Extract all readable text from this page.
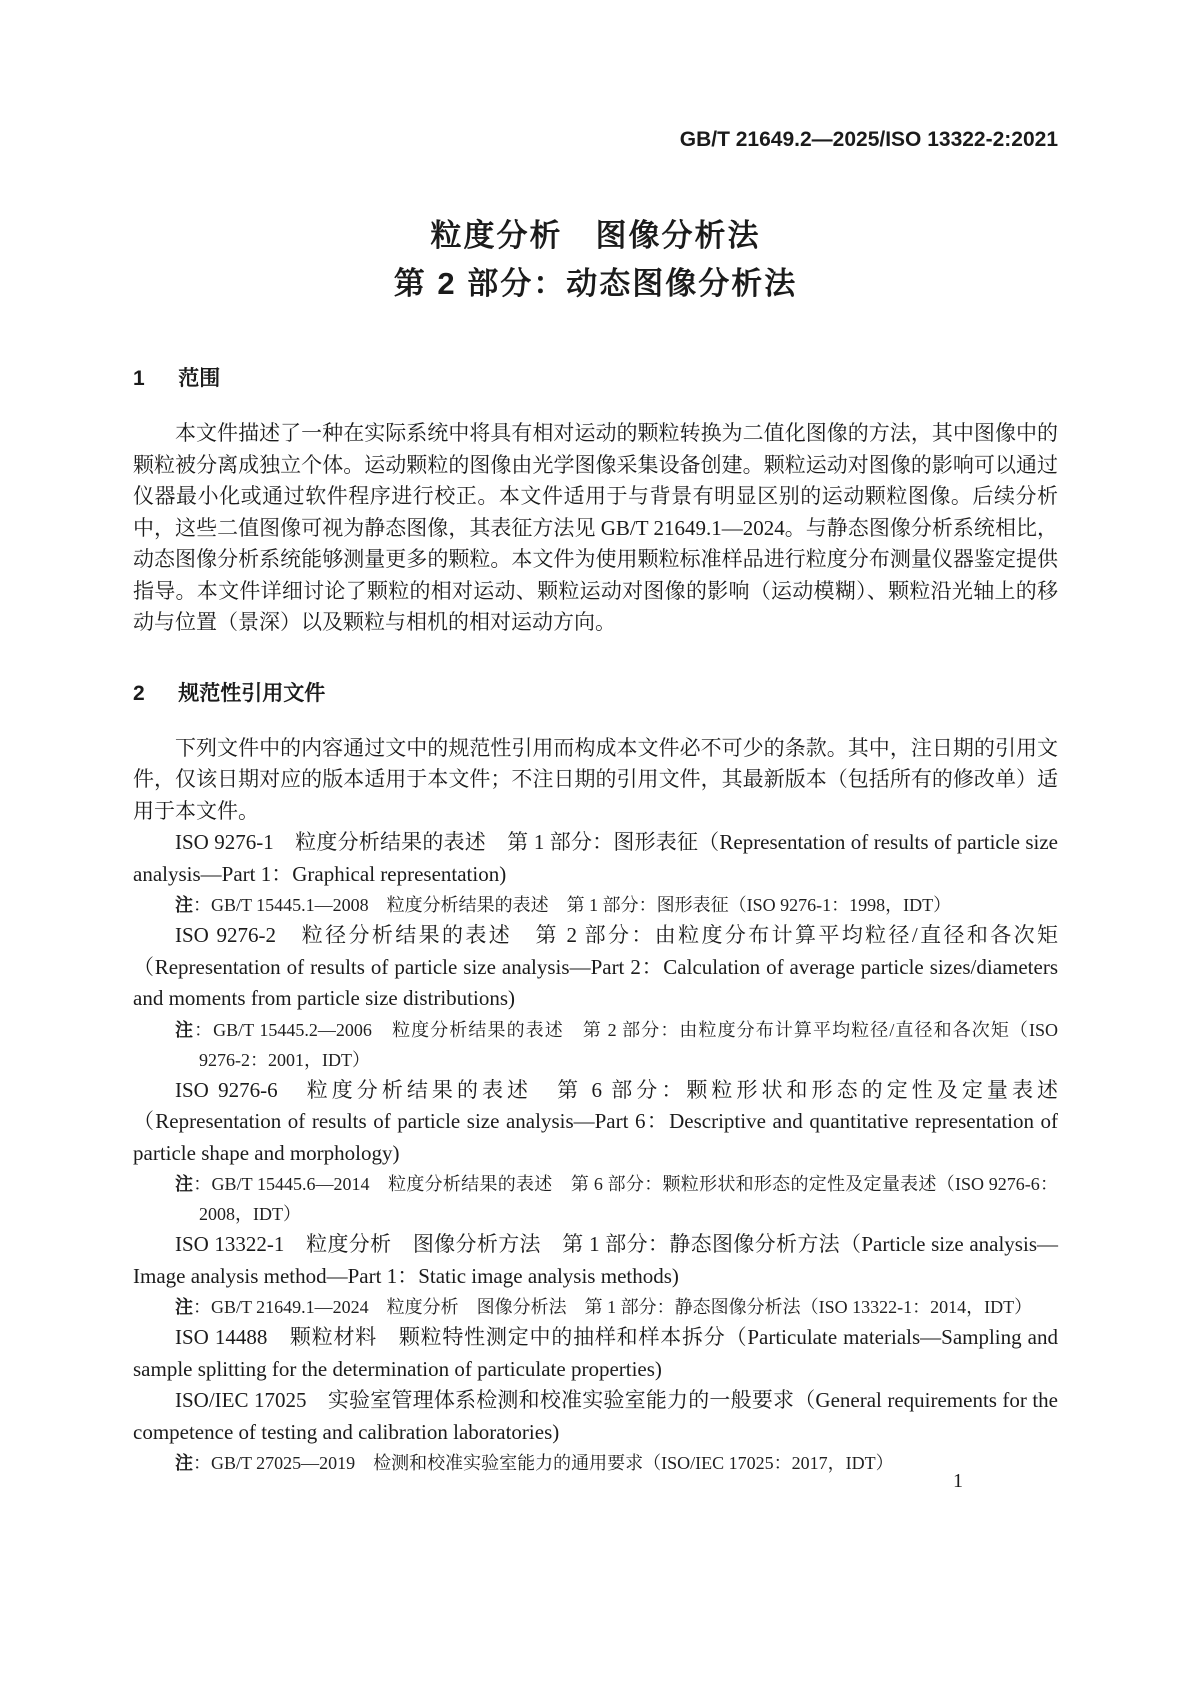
GB/T 21649.2—2025/ISO 13322-2:2021
粒度分析　图像分析法
第 2 部分：动态图像分析法
1 范围

本文件描述了一种在实际系统中将具有相对运动的颗粒转换为二值化图像的方法，其中图像中的颗粒被分离成独立个体。运动颗粒的图像由光学图像采集设备创建。颗粒运动对图像的影响可以通过仪器最小化或通过软件程序进行校正。本文件适用于与背景有明显区别的运动颗粒图像。后续分析中，这些二值图像可视为静态图像，其表征方法见 GB/T 21649.1—2024。与静态图像分析系统相比，动态图像分析系统能够测量更多的颗粒。本文件为使用颗粒标准样品进行粒度分布测量仪器鉴定提供指导。本文件详细讨论了颗粒的相对运动、颗粒运动对图像的影响（运动模糊）、颗粒沿光轴上的移动与位置（景深）以及颗粒与相机的相对运动方向。

2 规范性引用文件

下列文件中的内容通过文中的规范性引用而构成本文件必不可少的条款。其中，注日期的引用文件，仅该日期对应的版本适用于本文件；不注日期的引用文件，其最新版本（包括所有的修改单）适用于本文件。

ISO 9276-1　粒度分析结果的表述　第 1 部分：图形表征（Representation of results of particle size analysis—Part 1：Graphical representation)

注：GB/T 15445.1—2008　粒度分析结果的表述　第 1 部分：图形表征（ISO 9276-1：1998，IDT）

ISO 9276-2　粒径分析结果的表述　第 2 部分：由粒度分布计算平均粒径/直径和各次矩（Representation of results of particle size analysis—Part 2：Calculation of average particle sizes/diameters and moments from particle size distributions)

注：GB/T 15445.2—2006　粒度分析结果的表述　第 2 部分：由粒度分布计算平均粒径/直径和各次矩（ISO 9276-2：2001，IDT）

ISO 9276-6　粒度分析结果的表述　第 6 部分：颗粒形状和形态的定性及定量表述（Representation of results of particle size analysis—Part 6：Descriptive and quantitative representation of particle shape and morphology)

注：GB/T 15445.6—2014　粒度分析结果的表述　第 6 部分：颗粒形状和形态的定性及定量表述（ISO 9276-6：2008，IDT）

ISO 13322-1　粒度分析　图像分析方法　第 1 部分：静态图像分析方法（Particle size analysis—Image analysis method—Part 1：Static image analysis methods)

注：GB/T 21649.1—2024　粒度分析　图像分析法　第 1 部分：静态图像分析法（ISO 13322-1：2014，IDT）

ISO 14488　颗粒材料　颗粒特性测定中的抽样和样本拆分（Particulate materials—Sampling and sample splitting for the determination of particulate properties)

ISO/IEC 17025　实验室管理体系检测和校准实验室能力的一般要求（General requirements for the competence of testing and calibration laboratories)

注：GB/T 27025—2019　检测和校准实验室能力的通用要求（ISO/IEC 17025：2017，IDT）

1
